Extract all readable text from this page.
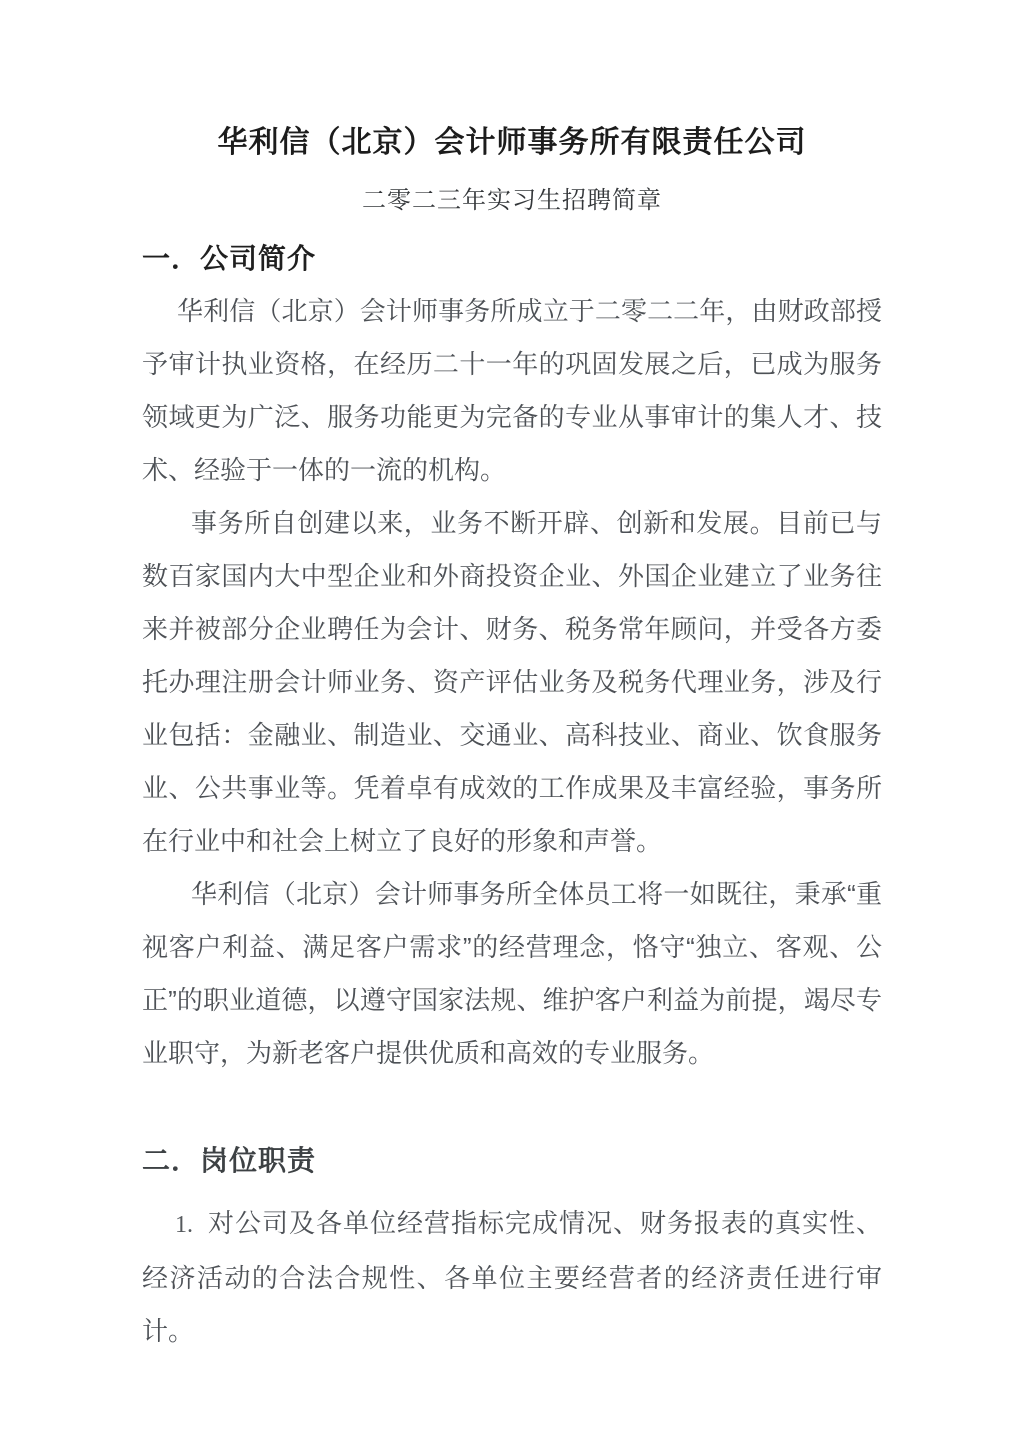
华利信（北京）会计师事务所有限责任公司
二零二三年实习生招聘简章
一．公司简介

华利信（北京）会计师事务所成立于二零二二年，由财政部授予审计执业资格，在经历二十一年的巩固发展之后，已成为服务领域更为广泛、服务功能更为完备的专业从事审计的集人才、技术、经验于一体的一流的机构。

事务所自创建以来，业务不断开辟、创新和发展。目前已与数百家国内大中型企业和外商投资企业、外国企业建立了业务往来并被部分企业聘任为会计、财务、税务常年顾问，并受各方委托办理注册会计师业务、资产评估业务及税务代理业务，涉及行业包括：金融业、制造业、交通业、高科技业、商业、饮食服务业、公共事业等。凭着卓有成效的工作成果及丰富经验，事务所在行业中和社会上树立了良好的形象和声誉。

华利信（北京）会计师事务所全体员工将一如既往，秉承“重视客户利益、满足客户需求”的经营理念，恪守“独立、客观、公正”的职业道德，以遵守国家法规、维护客户利益为前提，竭尽专业职守，为新老客户提供优质和高效的专业服务。

二．岗位职责

1. 对公司及各单位经营指标完成情况、财务报表的真实性、经济活动的合法合规性、各单位主要经营者的经济责任进行审计。
